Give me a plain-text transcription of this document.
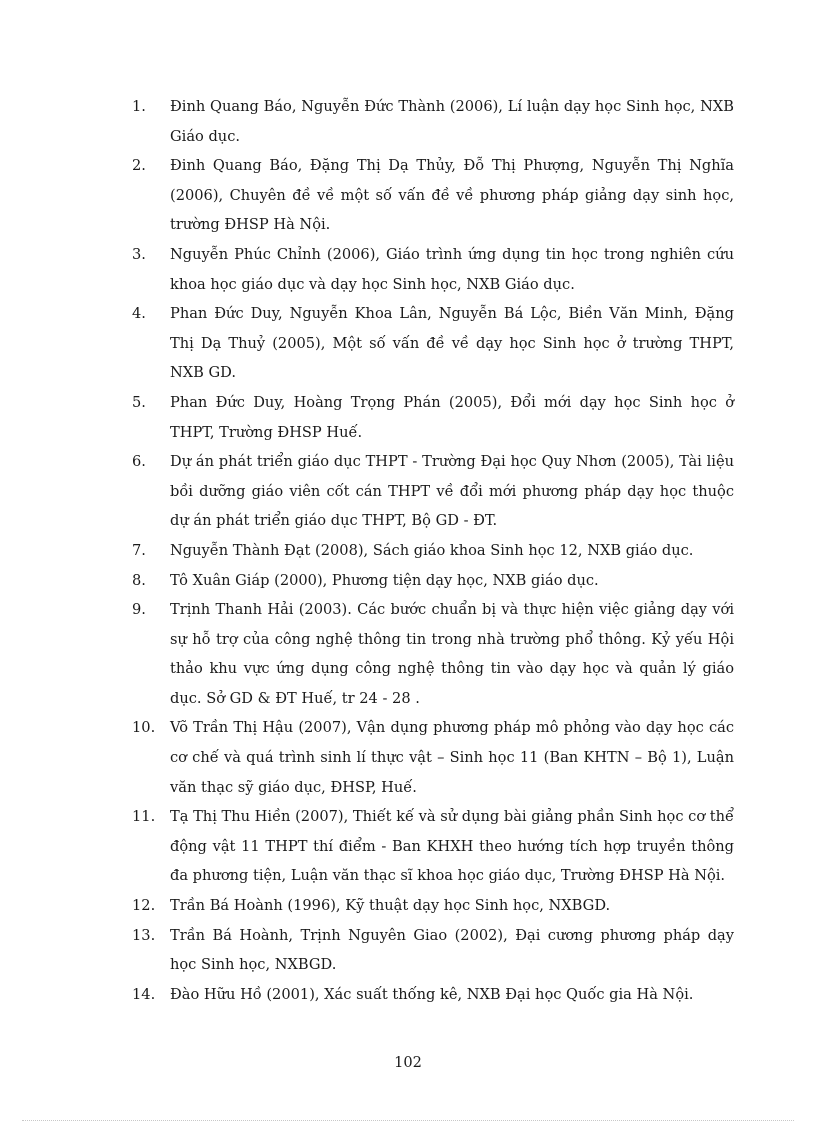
1. Đinh Quang Báo, Nguyễn Đức Thành (2006), Lí luận dạy học Sinh học, NXB Giáo dục.
2. Đinh Quang Báo, Đặng Thị Dạ Thủy, Đỗ Thị Phượng, Nguyễn Thị Nghĩa (2006), Chuyên đề về một số vấn đề về phương pháp giảng dạy sinh học, trường ĐHSP Hà Nội.
3. Nguyễn Phúc Chỉnh (2006), Giáo trình ứng dụng tin học trong nghiên cứu khoa học giáo dục và dạy học Sinh học, NXB Giáo dục.
4. Phan Đức Duy, Nguyễn Khoa Lân, Nguyễn Bá Lộc, Biền Văn Minh, Đặng Thị Dạ Thuỷ (2005), Một số vấn đề về dạy học Sinh học ở trường THPT, NXB GD.
5. Phan Đức Duy, Hoàng Trọng Phán (2005), Đổi mới dạy học Sinh học ở THPT, Trường ĐHSP Huế.
6. Dự án phát triển giáo dục THPT - Trường Đại học Quy Nhơn (2005), Tài liệu bồi dưỡng giáo viên cốt cán THPT về đổi mới phương pháp dạy học thuộc dự án phát triển giáo dục THPT, Bộ GD - ĐT.
7. Nguyễn Thành Đạt (2008), Sách giáo khoa Sinh học 12, NXB giáo dục.
8. Tô Xuân Giáp (2000), Phương tiện dạy học, NXB giáo dục.
9. Trịnh Thanh Hải (2003). Các bước chuẩn bị và thực hiện việc giảng dạy với sự hỗ trợ của công nghệ thông tin trong nhà trường phổ thông. Kỷ yếu Hội thảo khu vực ứng dụng công nghệ thông tin vào dạy học và quản lý giáo dục. Sở GD & ĐT Huế, tr 24 - 28 .
10. Võ Trần Thị Hậu (2007), Vận dụng phương pháp mô phỏng vào dạy học các cơ chế và quá trình sinh lí thực vật – Sinh học 11 (Ban KHTN – Bộ 1), Luận văn thạc sỹ giáo dục, ĐHSP, Huế.
11. Tạ Thị Thu Hiền (2007), Thiết kế và sử dụng bài giảng phần Sinh học cơ thể động vật 11 THPT thí điểm - Ban KHXH theo hướng tích hợp truyền thông đa phương tiện, Luận văn thạc sĩ khoa học giáo dục, Trường ĐHSP Hà Nội.
12. Trần Bá Hoành (1996), Kỹ thuật dạy học Sinh học, NXBGD.
13. Trần Bá Hoành, Trịnh Nguyên Giao (2002), Đại cương phương pháp dạy học Sinh học, NXBGD.
14. Đào Hữu Hồ (2001), Xác suất thống kê, NXB Đại học Quốc gia Hà Nội.
102
